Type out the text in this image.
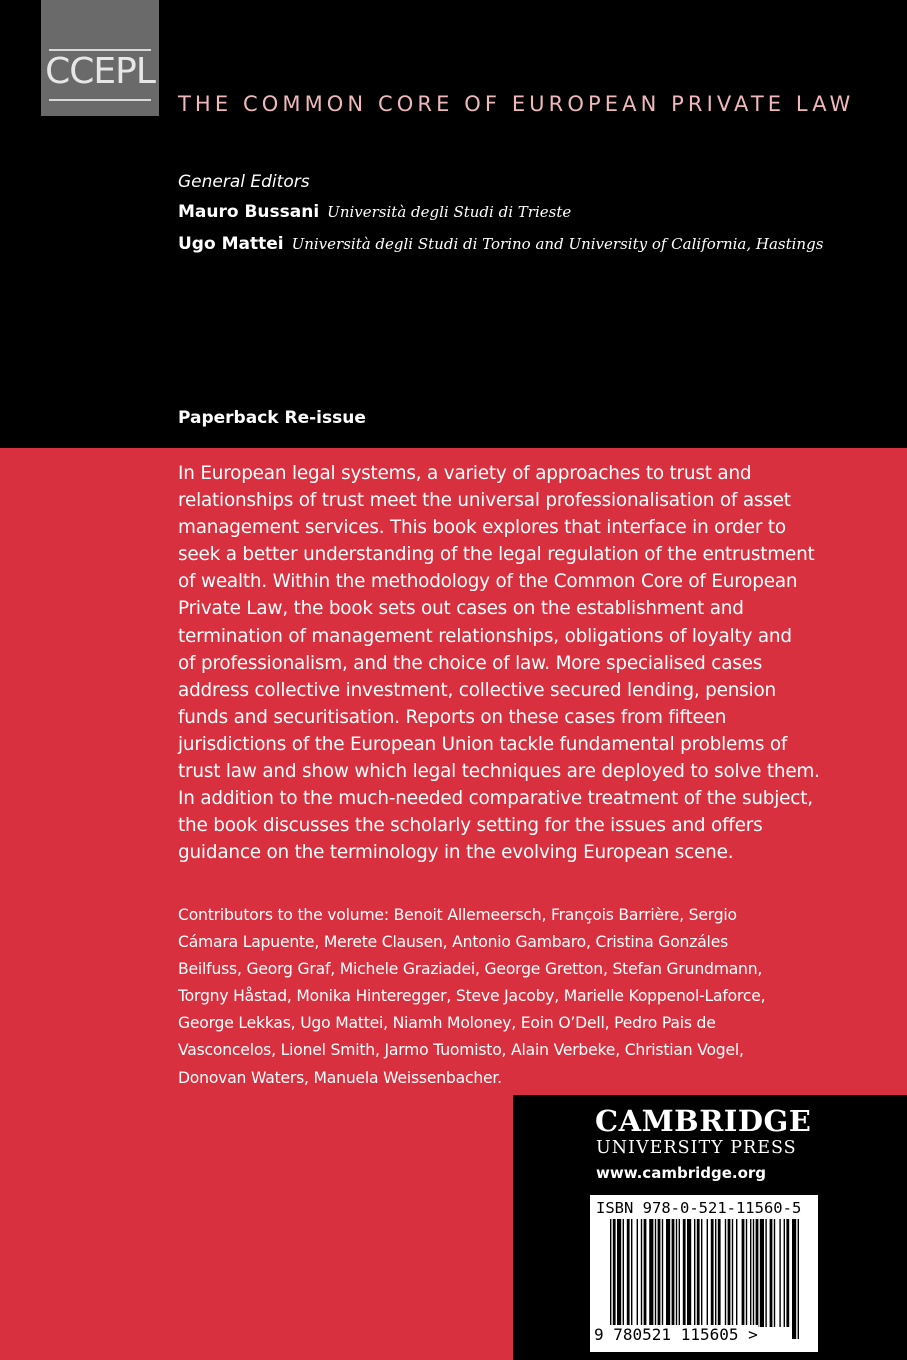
CCEPL
THE COMMON CORE OF EUROPEAN PRIVATE LAW
General Editors
Mauro Bussani Università degli Studi di Trieste
Ugo Mattei Università degli Studi di Torino and University of California, Hastings
Paperback Re-issue
In European legal systems, a variety of approaches to trust and
relationships of trust meet the universal professionalisation of asset
management services. This book explores that interface in order to
seek a better understanding of the legal regulation of the entrustment
of wealth. Within the methodology of the Common Core of European
Private Law, the book sets out cases on the establishment and
termination of management relationships, obligations of loyalty and
of professionalism, and the choice of law. More specialised cases
address collective investment, collective secured lending, pension
funds and securitisation. Reports on these cases from fifteen
jurisdictions of the European Union tackle fundamental problems of
trust law and show which legal techniques are deployed to solve them.
In addition to the much-needed comparative treatment of the subject,
the book discusses the scholarly setting for the issues and offers
guidance on the terminology in the evolving European scene.
Contributors to the volume: Benoit Allemeersch, François Barrière, Sergio
Cámara Lapuente, Merete Clausen, Antonio Gambaro, Cristina Gonzáles
Beilfuss, Georg Graf, Michele Graziadei, George Gretton, Stefan Grundmann,
Torgny Håstad, Monika Hinteregger, Steve Jacoby, Marielle Koppenol-Laforce,
George Lekkas, Ugo Mattei, Niamh Moloney, Eoin O’Dell, Pedro Pais de
Vasconcelos, Lionel Smith, Jarmo Tuomisto, Alain Verbeke, Christian Vogel,
Donovan Waters, Manuela Weissenbacher.
CAMBRIDGE
UNIVERSITY PRESS
www.cambridge.org
ISBN 978-0-521-11560-5
9 780521 115605 >
